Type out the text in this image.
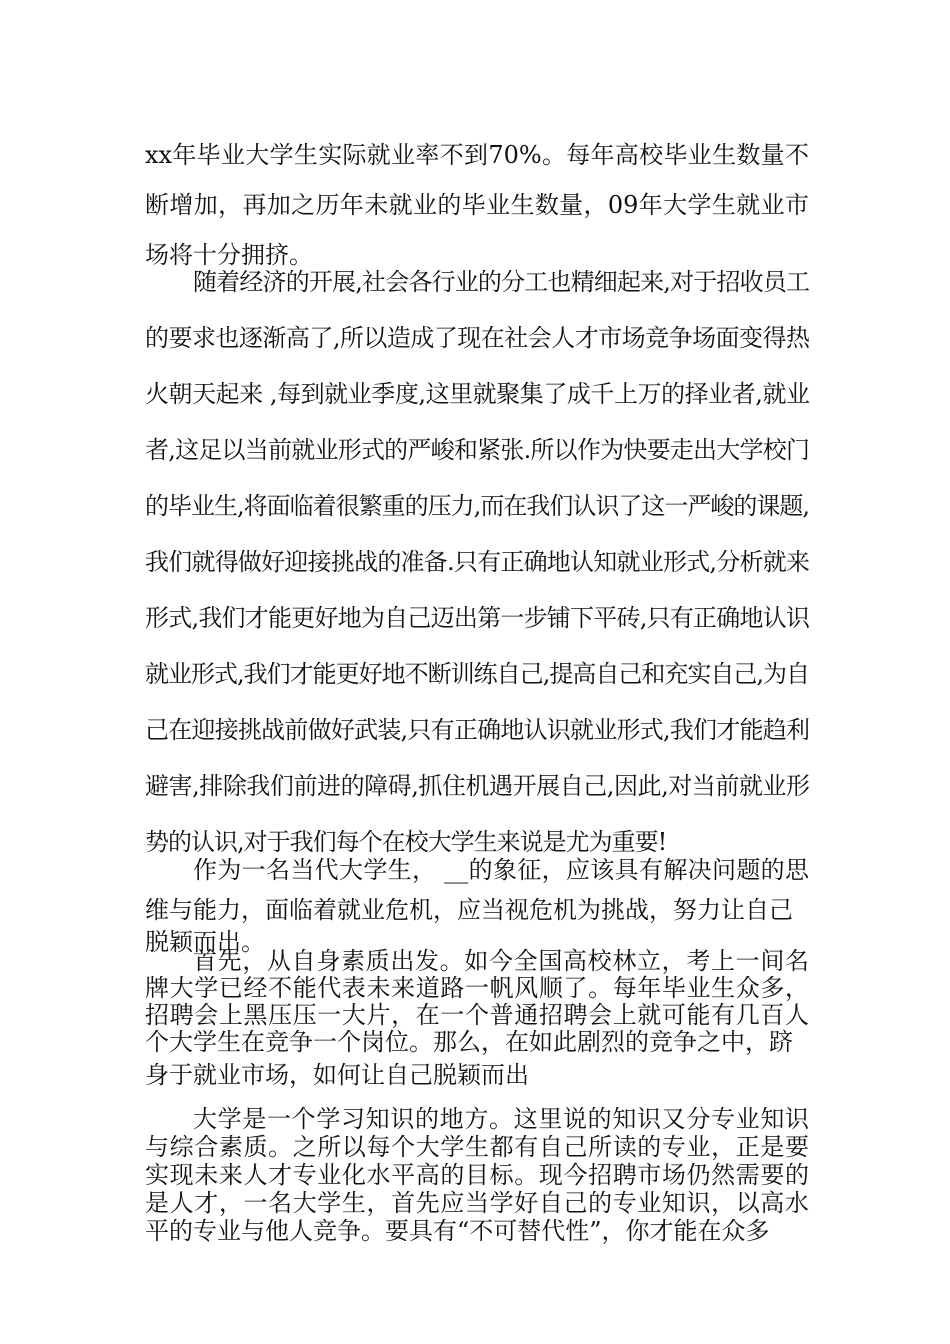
xx年毕业大学生实际就业率不到70%。每年高校毕业生数量不断增加，再加之历年未就业的毕业生数量，09年大学生就业市场将十分拥挤。

随着经济的开展,社会各行业的分工也精细起来,对于招收员工的要求也逐渐高了,所以造成了现在社会人才市场竞争场面变得热火朝天起来 ,每到就业季度,这里就聚集了成千上万的择业者,就业者,这足以当前就业形式的严峻和紧张.所以作为快要走出大学校门的毕业生,将面临着很繁重的压力,而在我们认识了这一严峻的课题,我们就得做好迎接挑战的准备.只有正确地认知就业形式,分析就来形式,我们才能更好地为自己迈出第一步铺下平砖,只有正确地认识就业形式,我们才能更好地不断训练自己,提高自己和充实自己,为自己在迎接挑战前做好武装,只有正确地认识就业形式,我们才能趋利避害,排除我们前进的障碍,抓住机遇开展自己,因此,对当前就业形势的认识,对于我们每个在校大学生来说是尤为重要!

作为一名当代大学生， __的象征，应该具有解决问题的思维与能力，面临着就业危机，应当视危机为挑战，努力让自己

脱颖而出。

首先，从自身素质出发。如今全国高校林立，考上一间名牌大学已经不能代表未来道路一帆风顺了。每年毕业生众多，招聘会上黑压压一大片，在一个普通招聘会上就可能有几百人个大学生在竞争一个岗位。那么，在如此剧烈的竞争之中，跻

身于就业市场，如何让自己脱颖而出

大学是一个学习知识的地方。这里说的知识又分专业知识与综合素质。之所以每个大学生都有自己所读的专业，正是要实现未来人才专业化水平高的目标。现今招聘市场仍然需要的是人才，一名大学生，首先应当学好自己的专业知识，以高水平的专业与他人竞争。要具有“不可替代性”，你才能在众多
